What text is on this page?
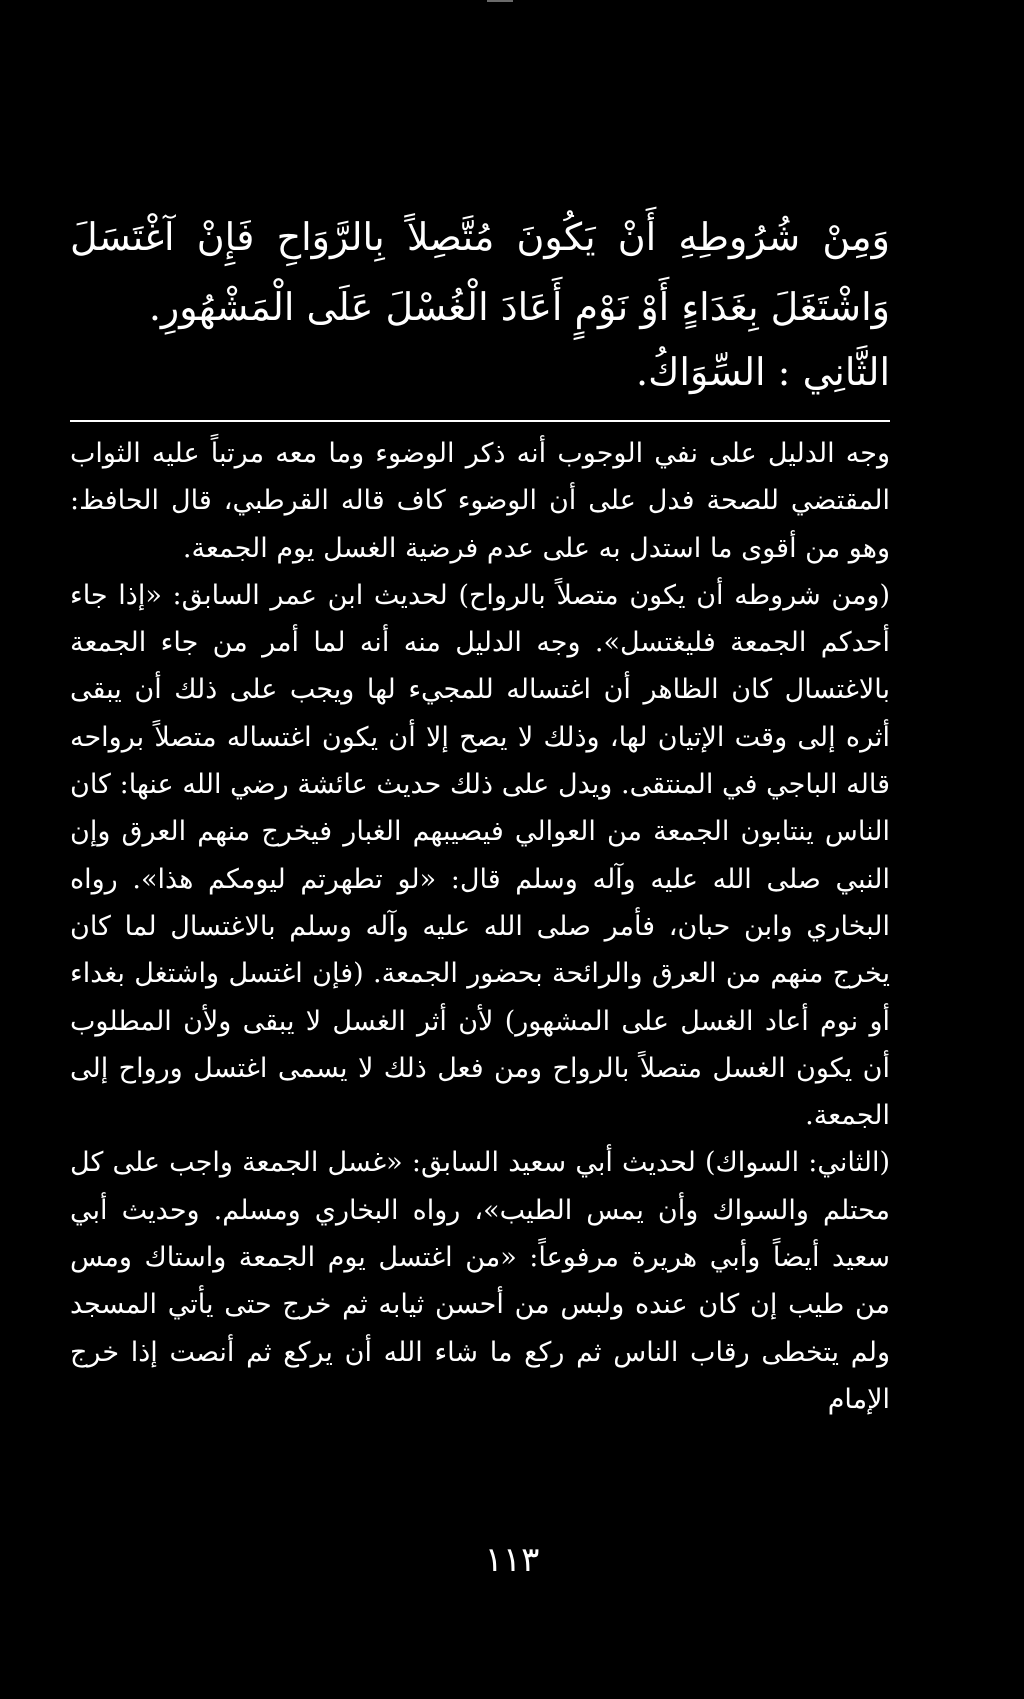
وَمِنْ شُرُوطِهِ أَنْ يَكُونَ مُتَّصِلاً بِالرَّوَاحِ فَإِنْ آغْتَسَلَ وَاشْتَغَلَ بِغَدَاءٍ أَوْ نَوْمٍ أَعَادَ الْغُسْلَ عَلَى الْمَشْهُورِ.

الثَّانِي : السِّوَاكُ.

وجه الدليل على نفي الوجوب أنه ذكر الوضوء وما معه مرتباً عليه الثواب المقتضي للصحة فدل على أن الوضوء كاف قاله القرطبي، قال الحافظ: وهو من أقوى ما استدل به على عدم فرضية الغسل يوم الجمعة.

(ومن شروطه أن يكون متصلاً بالرواح) لحديث ابن عمر السابق: «إذا جاء أحدكم الجمعة فليغتسل». وجه الدليل منه أنه لما أمر من جاء الجمعة بالاغتسال كان الظاهر أن اغتساله للمجيء لها ويجب على ذلك أن يبقى أثره إلى وقت الإتيان لها، وذلك لا يصح إلا أن يكون اغتساله متصلاً برواحه قاله الباجي في المنتقى. ويدل على ذلك حديث عائشة رضي الله عنها: كان الناس ينتابون الجمعة من العوالي فيصيبهم الغبار فيخرج منهم العرق وإن النبي صلى الله عليه وآله وسلم قال: «لو تطهرتم ليومكم هذا». رواه البخاري وابن حبان، فأمر صلى الله عليه وآله وسلم بالاغتسال لما كان يخرج منهم من العرق والرائحة بحضور الجمعة. (فإن اغتسل واشتغل بغداء أو نوم أعاد الغسل على المشهور) لأن أثر الغسل لا يبقى ولأن المطلوب أن يكون الغسل متصلاً بالرواح ومن فعل ذلك لا يسمى اغتسل ورواح إلى الجمعة.

(الثاني: السواك) لحديث أبي سعيد السابق: «غسل الجمعة واجب على كل محتلم والسواك وأن يمس الطيب»، رواه البخاري ومسلم. وحديث أبي سعيد أيضاً وأبي هريرة مرفوعاً: «من اغتسل يوم الجمعة واستاك ومس من طيب إن كان عنده ولبس من أحسن ثيابه ثم خرج حتى يأتي المسجد ولم يتخطى رقاب الناس ثم ركع ما شاء الله أن يركع ثم أنصت إذا خرج الإمام

١١٣
